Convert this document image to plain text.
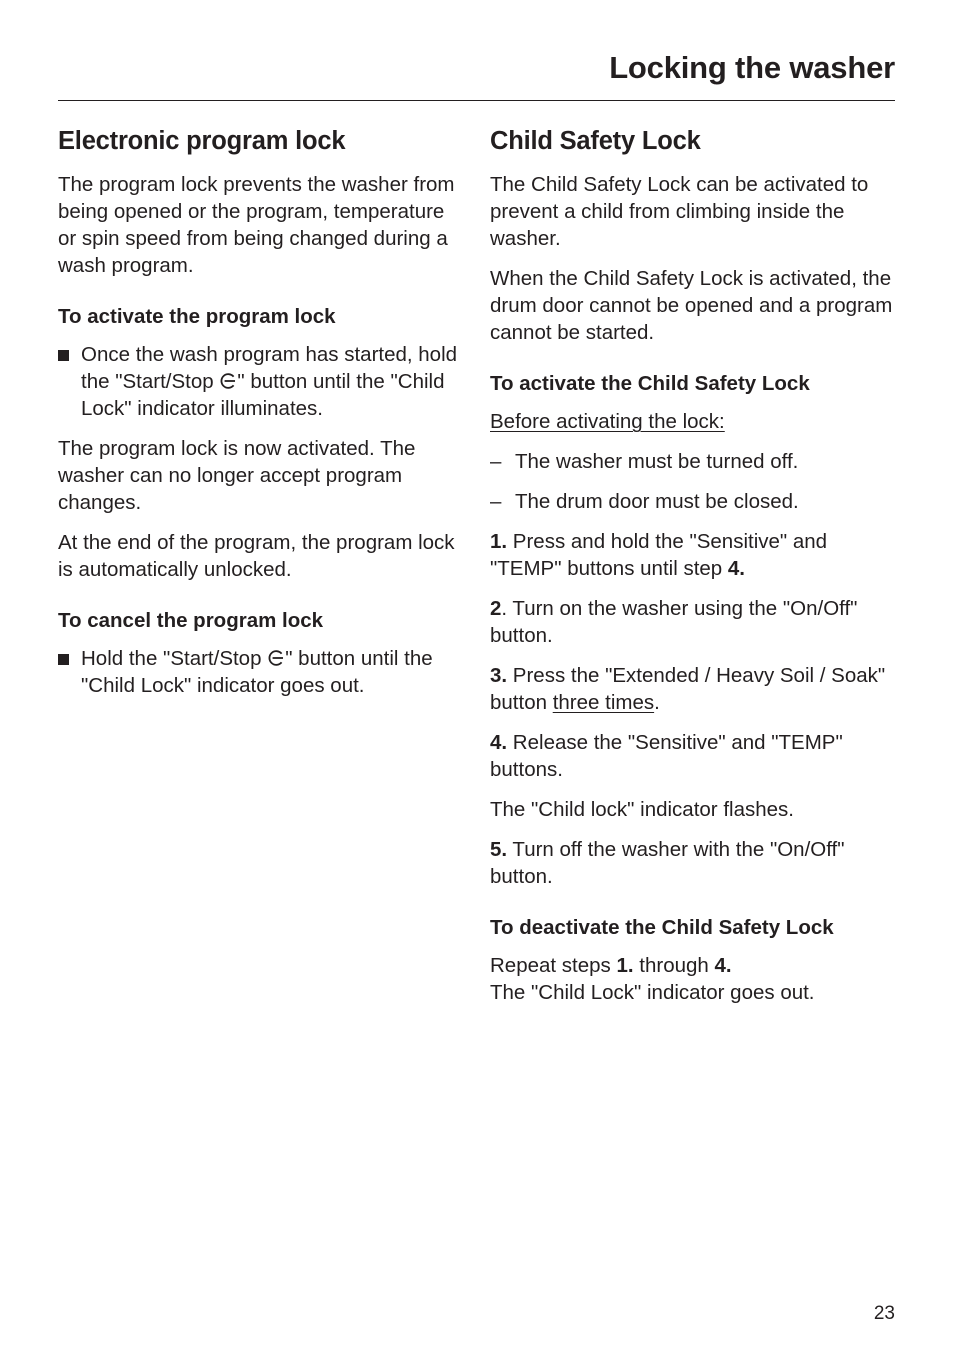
Locking the washer
Electronic program lock

The program lock prevents the washer from being opened or the program, temperature or spin speed from being changed during a wash program.

To activate the program lock
Once the wash program has started, hold the "Start/Stop " button until the "Child Lock" indicator illuminates.

The program lock is now activated. The washer can no longer accept program changes.

At the end of the program, the program lock is automatically unlocked.

To cancel the program lock
Hold the "Start/Stop " button until the "Child Lock" indicator goes out.
Child Safety Lock

The Child Safety Lock can be activated to prevent a child from climbing inside the washer.

When the Child Safety Lock is activated, the drum door cannot be opened and a program cannot be started.

To activate the Child Safety Lock

Before activating the lock:

– The washer must be turned off.
– The drum door must be closed.

1. Press and hold the "Sensitive" and "TEMP" buttons until step 4.

2. Turn on the washer using the "On/Off" button.

3. Press the "Extended / Heavy Soil / Soak" button three times.

4. Release the "Sensitive" and "TEMP" buttons.

The "Child lock" indicator flashes.

5. Turn off the washer with the "On/Off" button.

To deactivate the Child Safety Lock

Repeat steps 1. through 4.
The "Child Lock" indicator goes out.

23
